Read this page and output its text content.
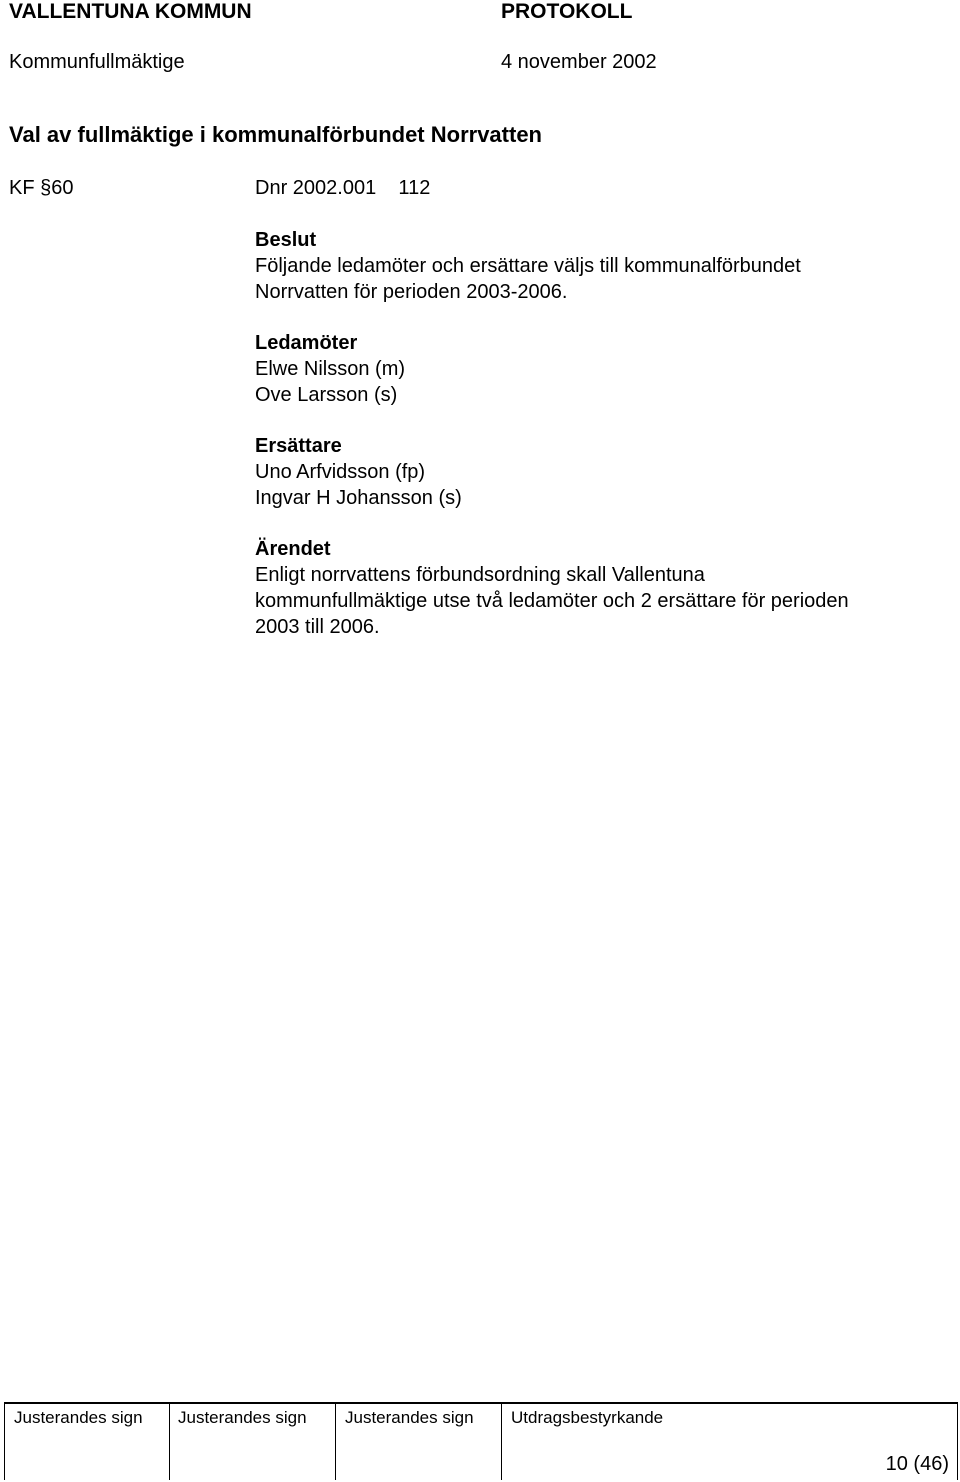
VALLENTUNA KOMMUN	PROTOKOLL
Kommunfullmäktige	4 november 2002
Val av fullmäktige i kommunalförbundet Norrvatten
KF §60	Dnr 2002.001    112
Beslut
Följande ledamöter och ersättare väljs till kommunalförbundet
Norrvatten för perioden 2003-2006.
Ledamöter
Elwe Nilsson (m)
Ove Larsson (s)
Ersättare
Uno Arfvidsson (fp)
Ingvar H Johansson (s)
Ärendet
Enligt norrvattens förbundsordning skall Vallentuna
kommunfullmäktige utse två ledamöter och 2 ersättare för perioden
2003 till 2006.
Justerandes sign Justerandes sign Justerandes sign Utdragsbestyrkande
10 (46)
